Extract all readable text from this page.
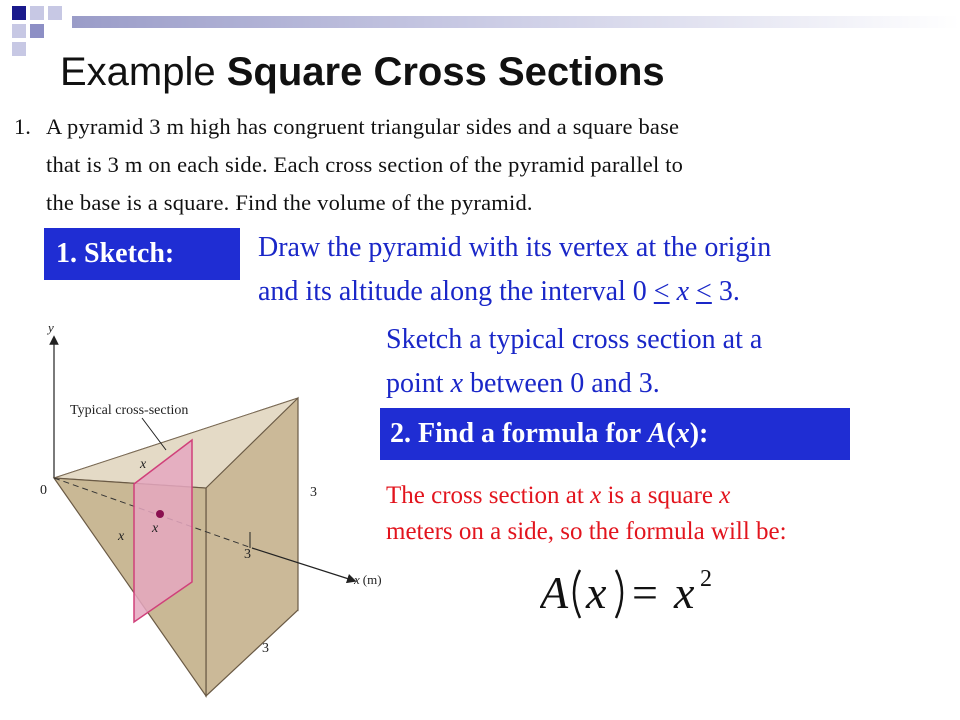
Example Square Cross Sections
1. A pyramid 3 m high has congruent triangular sides and a square base
that is 3 m on each side. Each cross section of the pyramid parallel to
the base is a square. Find the volume of the pyramid.
1. Sketch:	Draw the pyramid with its vertex at the origin
and its altitude along the interval 0 < x < 3.
Sketch a typical cross section at a
point x between 0 and 3.
2. Find a formula for A(x):
The cross section at x is a square x
meters on a side, so the formula will be:
A x = x 2
y
x (m)
0
Typical cross-section
x
x
x
3
3
3
